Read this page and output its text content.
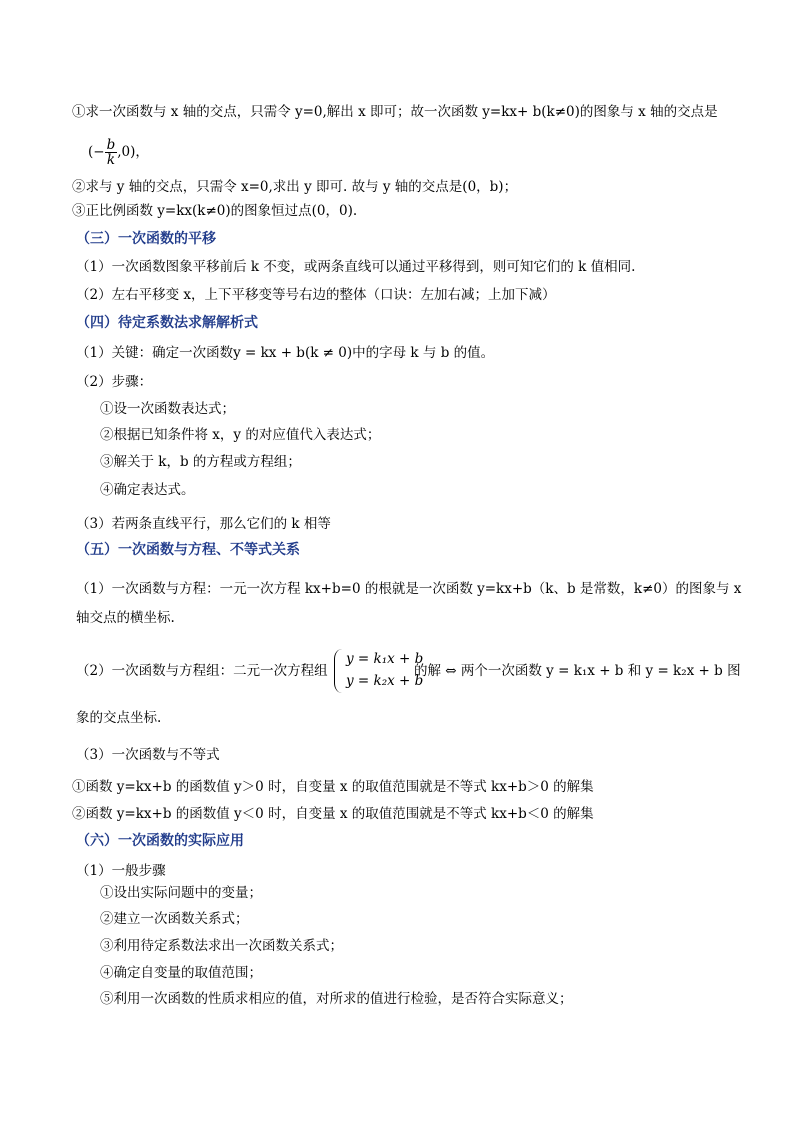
①求一次函数与 x 轴的交点，只需令 y=0,解出 x 即可；故一次函数 y=kx+ b(k≠0)的图象与 x 轴的交点是
(− $\frac{b}{k} ,0$)，
②求与 y 轴的交点，只需令 x=0,求出 y 即可. 故与 y 轴的交点是(0，b)；
③正比例函数 y=kx(k≠0)的图象恒过点(0，0).
（三）一次函数的平移
（1）一次函数图象平移前后 k 不变，或两条直线可以通过平移得到，则可知它们的 k 值相同.
（2）左右平移变 x，上下平移变等号右边的整体（口诀：左加右减；上加下减）
（四）待定系数法求解解析式
（1）关键：确定一次函数y = kx + b(k ≠ 0)中的字母 k 与 b 的值。
（2）步骤：
①设一次函数表达式；
②根据已知条件将 x，y 的对应值代入表达式；
③解关于 k，b 的方程或方程组；
④确定表达式。
（3）若两条直线平行，那么它们的 k 相等
（五）一次函数与方程、不等式关系
（1）一次函数与方程：一元一次方程 kx+b=0 的根就是一次函数 y=kx+b（k、b 是常数，k≠0）的图象与 x
轴交点的横坐标.
（2）一次函数与方程组：二元一次方程组
y = k₁x + b
y = k₂x + b
的解 ⇔ 两个一次函数 y = k₁x + b 和 y = k₂x + b 图
象的交点坐标.
（3）一次函数与不等式
①函数 y=kx+b 的函数值 y＞0 时，自变量 x 的取值范围就是不等式 kx+b＞0 的解集
②函数 y=kx+b 的函数值 y＜0 时，自变量 x 的取值范围就是不等式 kx+b＜0 的解集
（六）一次函数的实际应用
（1）一般步骤
①设出实际问题中的变量；
②建立一次函数关系式；
③利用待定系数法求出一次函数关系式；
④确定自变量的取值范围；
⑤利用一次函数的性质求相应的值，对所求的值进行检验，是否符合实际意义；
